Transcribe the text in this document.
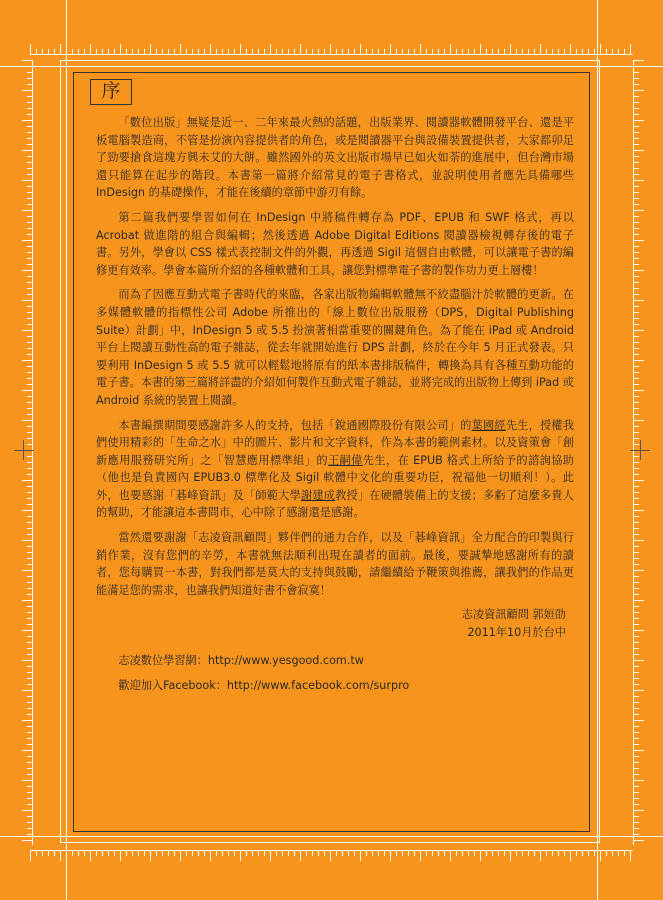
序

「數位出版」無疑是近一、二年來最火熱的話題，出版業界、閱讀器軟體開發平台、還是平板電腦製造商，不管是扮演內容提供者的角色，或是閱讀器平台與設備裝置提供者，大家都卯足了勁要搶食這塊方興未艾的大餅。雖然國外的英文出版市場早已如火如荼的進展中，但台灣市場還只能算在起步的階段。本書第一篇將介紹常見的電子書格式，並說明使用者應先具備哪些 InDesign 的基礎操作，才能在後續的章節中游刃有餘。

第二篇我們要學習如何在 InDesign 中將稿件轉存為 PDF、EPUB 和 SWF 格式，再以 Acrobat 做進階的組合與編輯；然後透過 Adobe Digital Editions 閱讀器檢視轉存後的電子書。另外，學會以 CSS 樣式表控制文件的外觀，再透過 Sigil 這個自由軟體，可以讓電子書的編修更有效率。學會本篇所介紹的各種軟體和工具，讓您對標準電子書的製作功力更上層樓！

而為了因應互動式電子書時代的來臨，各家出版物編輯軟體無不絞盡腦汁於軟體的更新。在多媒體軟體的指標性公司 Adobe 所推出的「線上數位出版服務（DPS，Digital Publishing Suite）計劃」中，InDesign 5 或 5.5 扮演著相當重要的關鍵角色。為了能在 iPad 或 Android 平台上閱讀互動性高的電子雜誌，從去年就開始進行 DPS 計劃，終於在今年 5 月正式發表。只要利用 InDesign 5 或 5.5 就可以輕鬆地將原有的紙本書排版稿件，轉換為具有各種互動功能的電子書。本書的第三篇將詳盡的介紹如何製作互動式電子雜誌，並將完成的出版物上傳到 iPad 或 Android 系統的裝置上閱讀。

本書編撰期間要感謝許多人的支持，包括「銳通國際股份有限公司」的葉國經先生，授權我們使用精彩的「生命之水」中的圖片、影片和文字資料，作為本書的範例素材。以及資策會「創新應用服務研究所」之「智慧應用標準組」的王嗣偉先生，在 EPUB 格式上所給予的諮詢協助（他也是負責國內 EPUB3.0 標準化及 Sigil 軟體中文化的重要功臣，祝福他一切順利！）。此外，也要感謝「碁峰資訊」及「師範大學謝建成教授」在硬體裝備上的支援；多虧了這麼多貴人的幫助，才能讓這本書問市，心中除了感謝還是感謝。

當然還要謝謝「志凌資訊顧問」夥伴們的通力合作，以及「碁峰資訊」全力配合的印製與行銷作業，沒有您們的辛勞，本書就無法順利出現在讀者的面前。最後，要誠摯地感謝所有的讀者，您每購買一本書，對我們都是莫大的支持與鼓勵，請繼續給予鞭策與推薦，讓我們的作品更能滿足您的需求，也讓我們知道好書不會寂寞！

志凌資訊顧問 郭姮劭

2011年10月於台中

志凌數位學習網：http://www.yesgood.com.tw

歡迎加入Facebook：http://www.facebook.com/surpro
